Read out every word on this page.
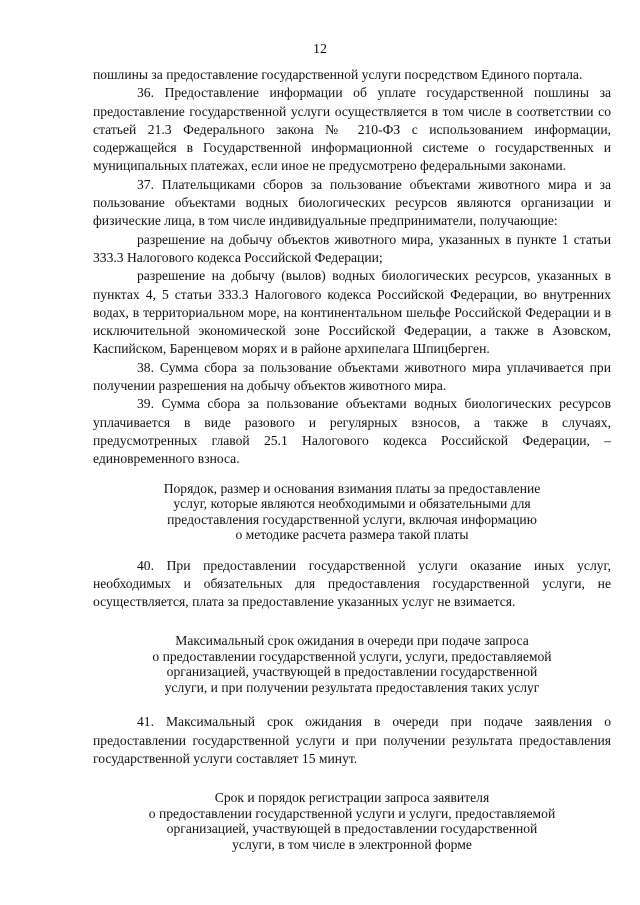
12

пошлины за предоставление государственной услуги посредством Единого портала.

36. Предоставление информации об уплате государственной пошлины за предоставление государственной услуги осуществляется в том числе в соответствии со статьей 21.3 Федерального закона № 210-ФЗ с использованием информации, содержащейся в Государственной информационной системе о государственных и муниципальных платежах, если иное не предусмотрено федеральными законами.

37. Плательщиками сборов за пользование объектами животного мира и за пользование объектами водных биологических ресурсов являются организации и физические лица, в том числе индивидуальные предприниматели, получающие:

разрешение на добычу объектов животного мира, указанных в пункте 1 статьи 333.3 Налогового кодекса Российской Федерации;

разрешение на добычу (вылов) водных биологических ресурсов, указанных в пунктах 4, 5 статьи 333.3 Налогового кодекса Российской Федерации, во внутренних водах, в территориальном море, на континентальном шельфе Российской Федерации и в исключительной экономической зоне Российской Федерации, а также в Азовском, Каспийском, Баренцевом морях и в районе архипелага Шпицберген.

38. Сумма сбора за пользование объектами животного мира уплачивается при получении разрешения на добычу объектов животного мира.

39. Сумма сбора за пользование объектами водных биологических ресурсов уплачивается в виде разового и регулярных взносов, а также в случаях, предусмотренных главой 25.1 Налогового кодекса Российской Федерации, – единовременного взноса.

Порядок, размер и основания взимания платы за предоставление

услуг, которые являются необходимыми и обязательными для

предоставления государственной услуги, включая информацию

о методике расчета размера такой платы

40. При предоставлении государственной услуги оказание иных услуг, необходимых и обязательных для предоставления государственной услуги, не осуществляется, плата за предоставление указанных услуг не взимается.

Максимальный срок ожидания в очереди при подаче запроса

о предоставлении государственной услуги, услуги, предоставляемой

организацией, участвующей в предоставлении государственной

услуги, и при получении результата предоставления таких услуг

41. Максимальный срок ожидания в очереди при подаче заявления о предоставлении государственной услуги и при получении результата предоставления государственной услуги составляет 15 минут.

Срок и порядок регистрации запроса заявителя

о предоставлении государственной услуги и услуги, предоставляемой

организацией, участвующей в предоставлении государственной

услуги, в том числе в электронной форме
